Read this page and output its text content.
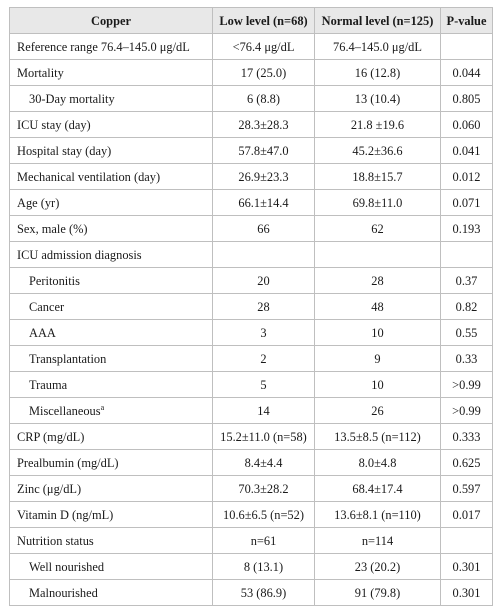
Copper	Low level (n=68)	Normal level (n=125)	P-value
Reference range 76.4–145.0 μg/dL	<76.4 μg/dL	76.4–145.0 μg/dL	
Mortality	17 (25.0)	16 (12.8)	0.044
30-Day mortality	6 (8.8)	13 (10.4)	0.805
ICU stay (day)	28.3±28.3	21.8 ±19.6	0.060
Hospital stay (day)	57.8±47.0	45.2±36.6	0.041
Mechanical ventilation (day)	26.9±23.3	18.8±15.7	0.012
Age (yr)	66.1±14.4	69.8±11.0	0.071
Sex, male (%)	66	62	0.193
ICU admission diagnosis			
Peritonitis	20	28	0.37
Cancer	28	48	0.82
AAA	3	10	0.55
Transplantation	2	9	0.33
Trauma	5	10	>0.99
Miscellaneous$^a$	14	26	>0.99
CRP (mg/dL)	15.2±11.0 (n=58)	13.5±8.5 (n=112)	0.333
Prealbumin (mg/dL)	8.4±4.4	8.0±4.8	0.625
Zinc (μg/dL)	70.3±28.2	68.4±17.4	0.597
Vitamin D (ng/mL)	10.6±6.5 (n=52)	13.6±8.1 (n=110)	0.017
Nutrition status	n=61	n=114	
Well nourished	8 (13.1)	23 (20.2)	0.301
Malnourished	53 (86.9)	91 (79.8)	0.301
